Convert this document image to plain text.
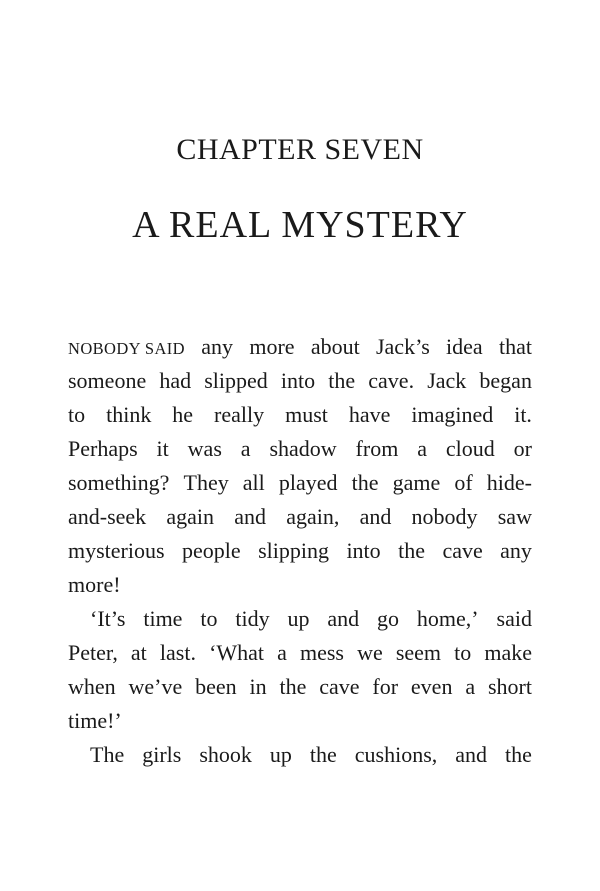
CHAPTER SEVEN
A REAL MYSTERY
NOBODY SAID any more about Jack’s idea that
someone had slipped into the cave. Jack began
to think he really must have imagined it.
Perhaps it was a shadow from a cloud or
something? They all played the game of hide-
and-seek again and again, and nobody saw
mysterious people slipping into the cave any
more!
‘It’s time to tidy up and go home,’ said
Peter, at last. ‘What a mess we seem to make
when we’ve been in the cave for even a short
time!’
The girls shook up the cushions, and the
